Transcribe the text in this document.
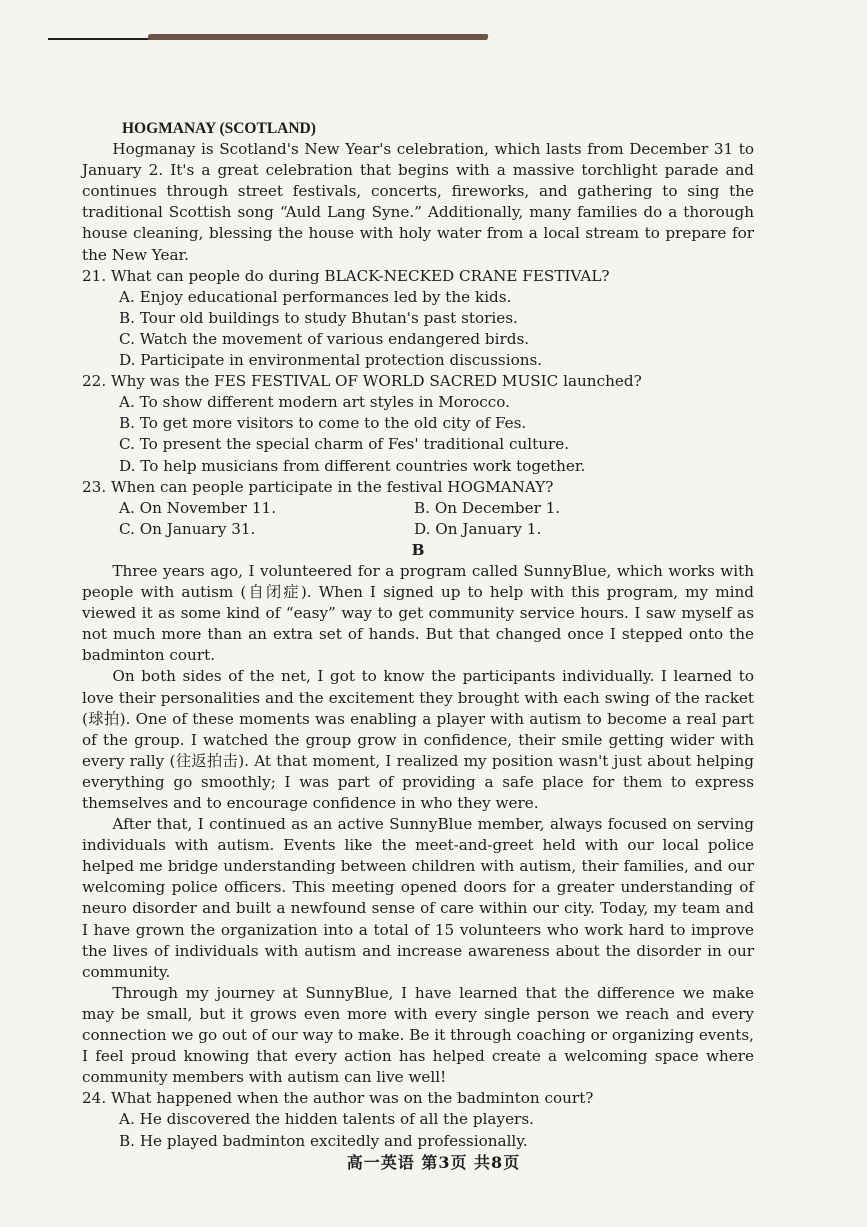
HOGMANAY (SCOTLAND)

Hogmanay is Scotland's New Year's celebration, which lasts from December 31 to January 2. It's a great celebration that begins with a massive torchlight parade and continues through street festivals, concerts, fireworks, and gathering to sing the traditional Scottish song “Auld Lang Syne.” Additionally, many families do a thorough house cleaning, blessing the house with holy water from a local stream to prepare for the New Year.

21. What can people do during BLACK-NECKED CRANE FESTIVAL?

A. Enjoy educational performances led by the kids.

B. Tour old buildings to study Bhutan's past stories.

C. Watch the movement of various endangered birds.

D. Participate in environmental protection discussions.

22. Why was the FES FESTIVAL OF WORLD SACRED MUSIC launched?

A. To show different modern art styles in Morocco.

B. To get more visitors to come to the old city of Fes.

C. To present the special charm of Fes' traditional culture.

D. To help musicians from different countries work together.

23. When can people participate in the festival HOGMANAY?

A. On November 11.	B. On December 1.
C. On January 31.	D. On January 1.

B

Three years ago, I volunteered for a program called SunnyBlue, which works with people with autism (自闭症). When I signed up to help with this program, my mind viewed it as some kind of “easy” way to get community service hours. I saw myself as not much more than an extra set of hands. But that changed once I stepped onto the badminton court.

On both sides of the net, I got to know the participants individually. I learned to love their personalities and the excitement they brought with each swing of the racket (球拍). One of these moments was enabling a player with autism to become a real part of the group. I watched the group grow in confidence, their smile getting wider with every rally (往返拍击). At that moment, I realized my position wasn't just about helping everything go smoothly; I was part of providing a safe place for them to express themselves and to encourage confidence in who they were.

After that, I continued as an active SunnyBlue member, always focused on serving individuals with autism. Events like the meet-and-greet held with our local police helped me bridge understanding between children with autism, their families, and our welcoming police officers. This meeting opened doors for a greater understanding of neuro disorder and built a newfound sense of care within our city. Today, my team and I have grown the organization into a total of 15 volunteers who work hard to improve the lives of individuals with autism and increase awareness about the disorder in our community.

Through my journey at SunnyBlue, I have learned that the difference we make may be small, but it grows even more with every single person we reach and every connection we go out of our way to make. Be it through coaching or organizing events, I feel proud knowing that every action has helped create a welcoming space where community members with autism can live well!

24. What happened when the author was on the badminton court?

A. He discovered the hidden talents of all the players.

B. He played badminton excitedly and professionally.

高一英语 第3页 共8页
